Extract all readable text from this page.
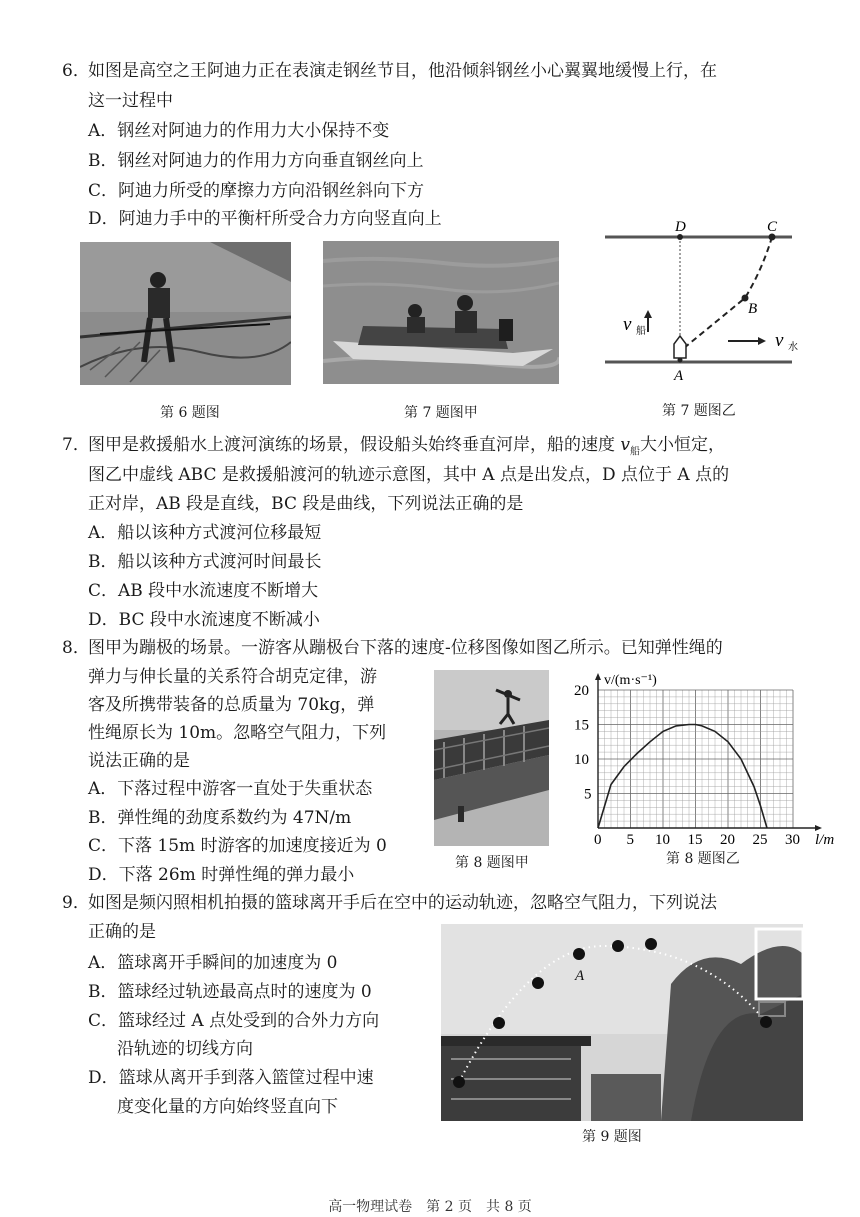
6．
如图是高空之王阿迪力正在表演走钢丝节目，他沿倾斜钢丝小心翼翼地缓慢上行，在
这一过程中
A．钢丝对阿迪力的作用力大小保持不变
B．钢丝对阿迪力的作用力方向垂直钢丝向上
C．阿迪力所受的摩擦力方向沿钢丝斜向下方
D．阿迪力手中的平衡杆所受合力方向竖直向上
第 6 题图	第 7 题图甲
D	C
B
A
v 船	v 水
第 7 题图乙
7．
图甲是救援船水上渡河演练的场景，假设船头始终垂直河岸，船的速度 $v_船$大小恒定，
图乙中虚线 ABC 是救援船渡河的轨迹示意图，其中 A 点是出发点，D 点位于 A 点的
正对岸，AB 段是直线，BC 段是曲线，下列说法正确的是
A．船以该种方式渡河位移最短
B．船以该种方式渡河时间最长
C．AB 段中水流速度不断增大
D．BC 段中水流速度不断减小
8．
图甲为蹦极的场景。一游客从蹦极台下落的速度-位移图像如图乙所示。已知弹性绳的
弹力与伸长量的关系符合胡克定律，游
客及所携带装备的总质量为 70kg，弹
性绳原长为 10m。忽略空气阻力，下列
说法正确的是
A．下落过程中游客一直处于失重状态
B．弹性绳的劲度系数约为 47N/m
C．下落 15m 时游客的加速度接近为 0
D．下落 26m 时弹性绳的弹力最小
第 8 题图甲
0 5 10 15 20 25 30
5
10
15
20
l/m
v/(m·s⁻¹)
第 8 题图乙
9．
如图是频闪照相机拍摄的篮球离开手后在空中的运动轨迹，忽略空气阻力，下列说法
正确的是
A．篮球离开手瞬间的加速度为 0
B．篮球经过轨迹最高点时的速度为 0
C．篮球经过 A 点处受到的合外力方向
沿轨迹的切线方向
D．篮球从离开手到落入篮筐过程中速
度变化量的方向始终竖直向下
A
第 9 题图
高一物理试卷　第 2 页　共 8 页
